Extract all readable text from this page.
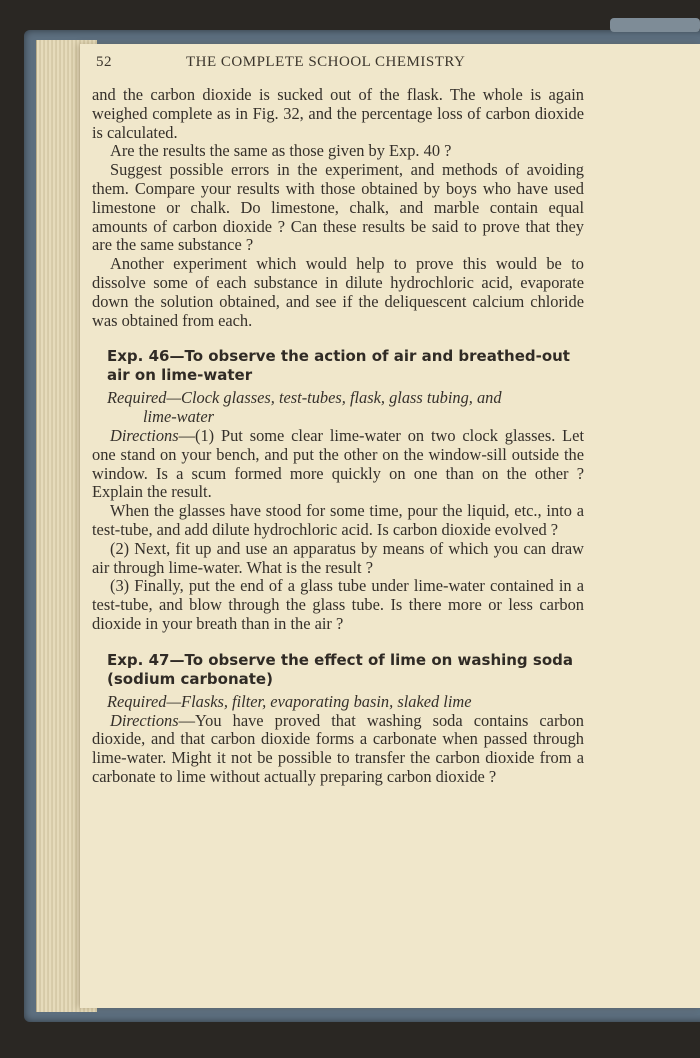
52	THE COMPLETE SCHOOL CHEMISTRY

and the carbon dioxide is sucked out of the flask. The whole is again weighed complete as in Fig. 32, and the percentage loss of carbon dioxide is calculated.

Are the results the same as those given by Exp. 40 ?

Suggest possible errors in the experiment, and methods of avoiding them. Compare your results with those obtained by boys who have used limestone or chalk. Do limestone, chalk, and marble contain equal amounts of carbon dioxide ? Can these results be said to prove that they are the same substance ?

Another experiment which would help to prove this would be to dissolve some of each substance in dilute hydrochloric acid, evaporate down the solution obtained, and see if the deliquescent calcium chloride was obtained from each.

Exp. 46—To observe the action of air and breathed-out air on lime-water

Required—Clock glasses, test-tubes, flask, glass tubing, and
lime-water

Directions—(1) Put some clear lime-water on two clock glasses. Let one stand on your bench, and put the other on the window-sill outside the window. Is a scum formed more quickly on one than on the other ? Explain the result.

When the glasses have stood for some time, pour the liquid, etc., into a test-tube, and add dilute hydrochloric acid. Is carbon dioxide evolved ?

(2) Next, fit up and use an apparatus by means of which you can draw air through lime-water. What is the result ?

(3) Finally, put the end of a glass tube under lime-water contained in a test-tube, and blow through the glass tube. Is there more or less carbon dioxide in your breath than in the air ?

Exp. 47—To observe the effect of lime on washing soda (sodium carbonate)

Required—Flasks, filter, evaporating basin, slaked lime

Directions—You have proved that washing soda contains carbon dioxide, and that carbon dioxide forms a carbonate when passed through lime-water. Might it not be possible to transfer the carbon dioxide from a carbonate to lime without actually preparing carbon dioxide ?
